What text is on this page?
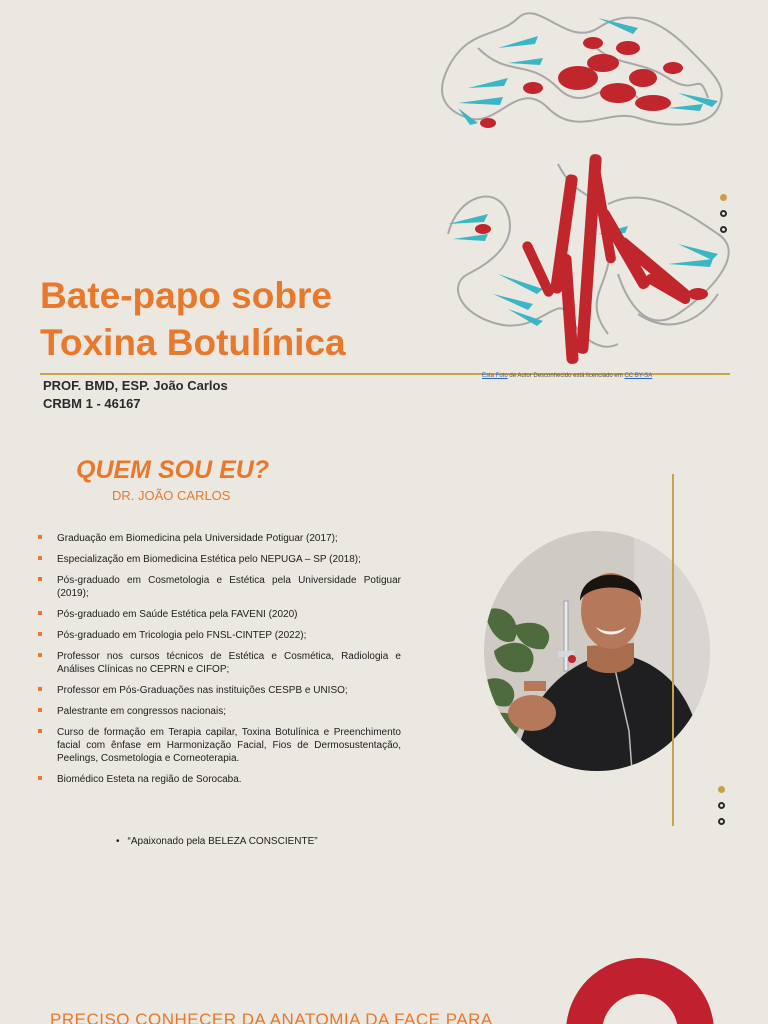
Bate-papo sobre
Toxina Botulínica
PROF. BMD, ESP. João Carlos
CRBM 1 - 46167
Esta Foto de Autor Desconhecido está licenciado em CC BY-SA
QUEM SOU EU?
DR. JOÃO CARLOS
Graduação em Biomedicina pela Universidade Potiguar (2017);
Especialização em Biomedicina Estética pelo NEPUGA – SP (2018);
Pós-graduado em Cosmetologia e Estética pela Universidade Potiguar (2019);
Pós-graduado em Saúde Estética pela FAVENI (2020)
Pós-graduado em Tricologia pelo FNSL-CINTEP (2022);
Professor nos cursos técnicos de Estética e Cosmética, Radiologia e Análises Clínicas no CEPRN e CIFOP;
Professor em Pós-Graduações nas instituições CESPB e UNISO;
Palestrante em congressos nacionais;
Curso de formação em Terapia capilar, Toxina Botulínica e Preenchimento facial com ênfase em Harmonização Facial, Fios de Dermosustentação, Peelings, Cosmetologia e Corneoterapia.
Biomédico Esteta na região de Sorocaba.
• “Apaixonado pela BELEZA CONSCIENTE”
PRECISO CONHECER DA ANATOMIA DA FACE PARA
